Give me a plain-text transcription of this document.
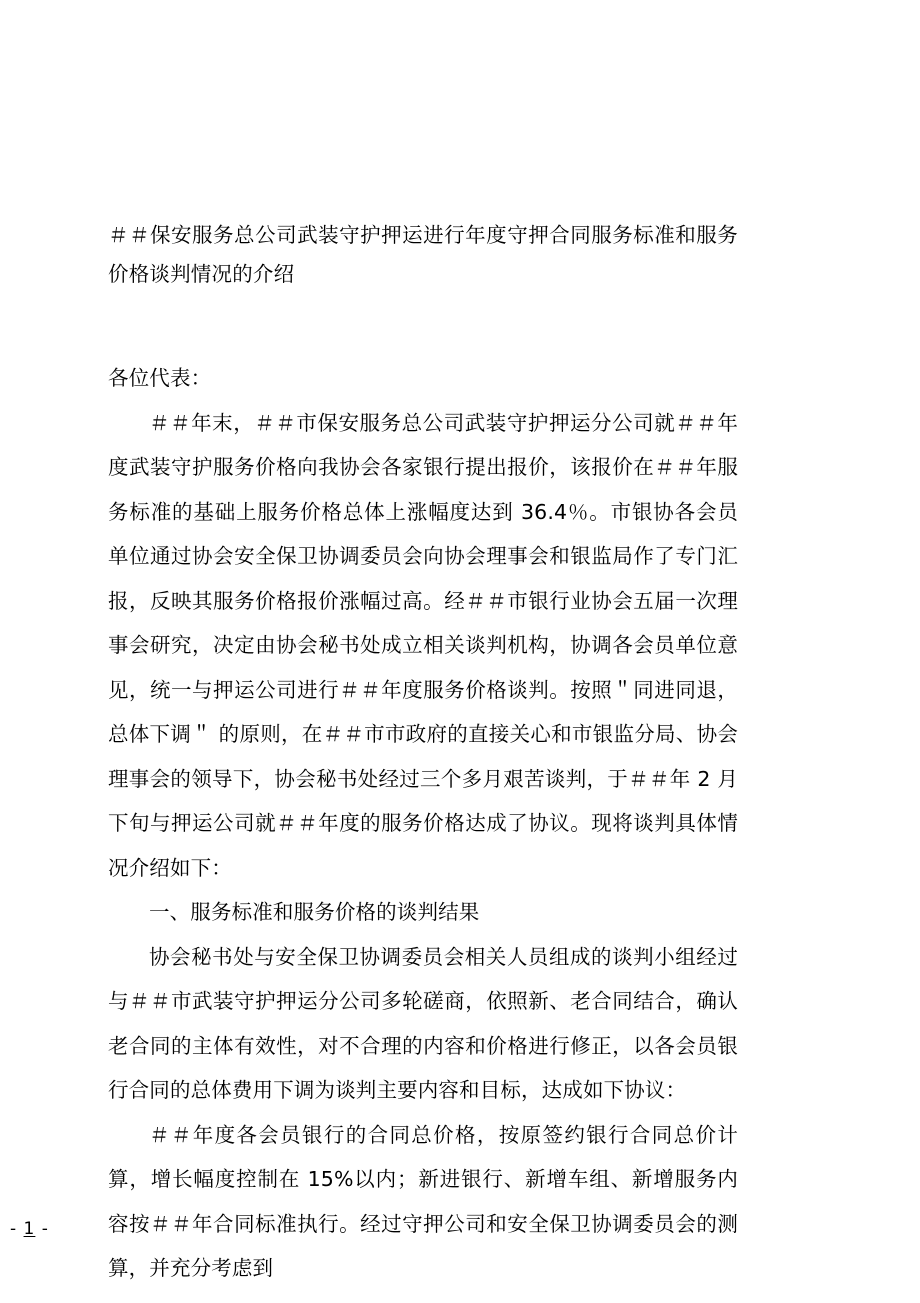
＃＃保安服务总公司武装守护押运进行年度守押合同服务标准和服务价格谈判情况的介绍

各位代表：

＃＃年末，＃＃市保安服务总公司武装守护押运分公司就＃＃年度武装守护服务价格向我协会各家银行提出报价，该报价在＃＃年服务标准的基础上服务价格总体上涨幅度达到 36.4％。市银协各会员单位通过协会安全保卫协调委员会向协会理事会和银监局作了专门汇报，反映其服务价格报价涨幅过高。经＃＃市银行业协会五届一次理事会研究，决定由协会秘书处成立相关谈判机构，协调各会员单位意见，统一与押运公司进行＃＃年度服务价格谈判。按照＂同进同退，总体下调＂ 的原则，在＃＃市市政府的直接关心和市银监分局、协会理事会的领导下，协会秘书处经过三个多月艰苦谈判，于＃＃年 2 月下旬与押运公司就＃＃年度的服务价格达成了协议。现将谈判具体情况介绍如下：

一、服务标准和服务价格的谈判结果

协会秘书处与安全保卫协调委员会相关人员组成的谈判小组经过与＃＃市武装守护押运分公司多轮磋商，依照新、老合同结合，确认老合同的主体有效性，对不合理的内容和价格进行修正，以各会员银行合同的总体费用下调为谈判主要内容和目标，达成如下协议：

＃＃年度各会员银行的合同总价格，按原签约银行合同总价计算，增长幅度控制在 15%以内；新进银行、新增车组、新增服务内容按＃＃年合同标准执行。经过守押公司和安全保卫协调委员会的测算，并充分考虑到

- 1 -
